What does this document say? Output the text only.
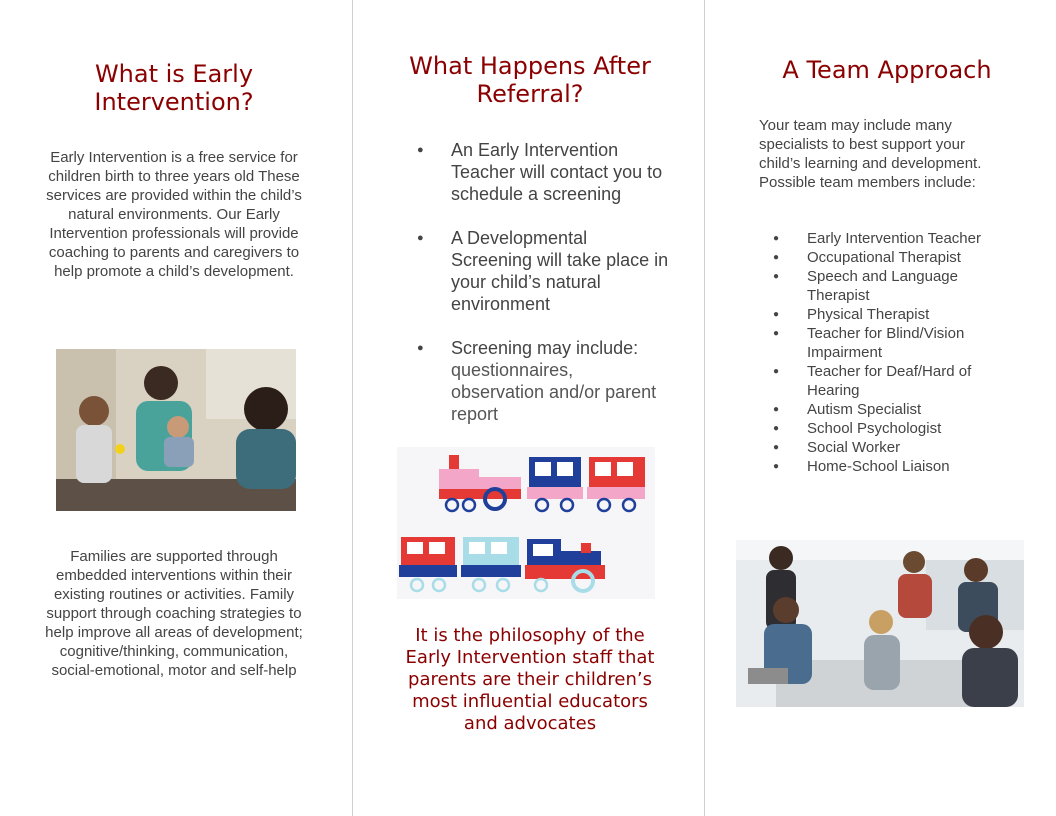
What is Early Intervention?

Early Intervention is a free service for children birth to three years old These services are provided within the child’s natural environments. Our Early Intervention professionals will provide coaching to parents and caregivers to help promote a child’s development.

Families are supported through embedded interventions within their existing routines or activities. Family support through coaching strategies to help improve all areas of development; cognitive/thinking, communication, social-emotional, motor and self-help

What Happens After Referral?
● An Early Intervention Teacher will contact you to schedule a screening
● A Developmental Screening will take place in your child’s natural environment
● Screening may include:
questionnaires, observation and/or parent report

It is the philosophy of the Early Intervention staff that parents are their children’s most influential educators and advocates

A Team Approach

Your team may include many specialists to best support your child’s learning and development. Possible team members include:

● Early Intervention Teacher
● Occupational Therapist
● Speech and Language Therapist
● Physical Therapist
● Teacher for Blind/Vision Impairment
● Teacher for Deaf/Hard of Hearing
● Autism Specialist
● School Psychologist
● Social Worker
● Home-School Liaison
